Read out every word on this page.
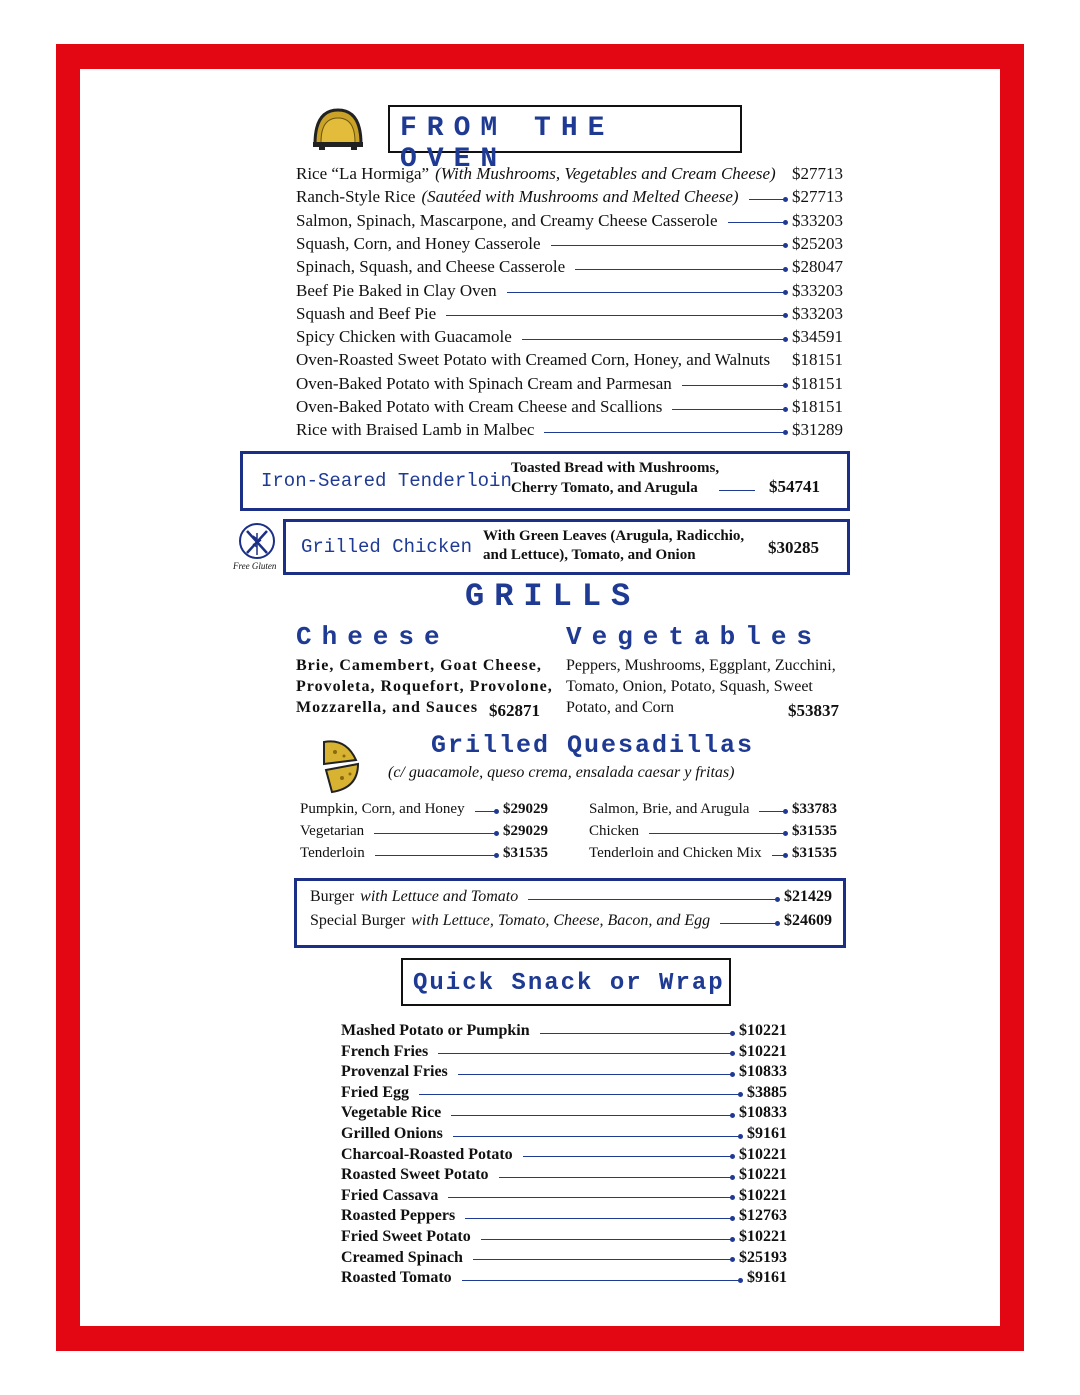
FROM THE OVEN
Rice “La Hormiga” (With Mushrooms, Vegetables and Cream Cheese) $27713
Ranch-Style Rice (Sautéed with Mushrooms and Melted Cheese)	$27713
Salmon, Spinach, Mascarpone, and Creamy Cheese Casserole	$33203
Squash, Corn, and Honey Casserole	$25203
Spinach, Squash, and Cheese Casserole	$28047
Beef Pie Baked in Clay Oven	$33203
Squash and Beef Pie	$33203
Spicy Chicken with Guacamole	$34591
Oven-Roasted Sweet Potato with Creamed Corn, Honey, and Walnuts $18151
Oven-Baked Potato with Spinach Cream and Parmesan	$18151
Oven-Baked Potato with Cream Cheese and Scallions	$18151
Rice with Braised Lamb in Malbec	$31289
Iron-Seared Tenderloin
Toasted Bread with Mushrooms,
Cherry Tomato, and Arugula	$54741
Free Gluten
Grilled Chicken With Green Leaves (Arugula, Radicchio,
and Lettuce), Tomato, and Onion	$30285
GRILLS
Cheese
Brie, Camembert, Goat Cheese,
Provoleta, Roquefort, Provolone,
Mozzarella, and Sauces $62871
Vegetables
Peppers, Mushrooms, Eggplant, Zucchini,
Tomato, Onion, Potato, Squash, Sweet
Potato, and Corn	$53837
Grilled Quesadillas
(c/ guacamole, queso crema, ensalada caesar y fritas)
Pumpkin, Corn, and Honey	$29029
Vegetarian	$29029
Tenderloin	$31535
Salmon, Brie, and Arugula	$33783
Chicken	$31535
Tenderloin and Chicken Mix $31535
Burger with Lettuce and Tomato	$21429
Special Burger with Lettuce, Tomato, Cheese, Bacon, and Egg	$24609
Quick Snack or Wrap
Mashed Potato or Pumpkin	$10221
French Fries	$10221
Provenzal Fries	$10833
Fried Egg	$3885
Vegetable Rice	$10833
Grilled Onions	$9161
Charcoal-Roasted Potato	$10221
Roasted Sweet Potato	$10221
Fried Cassava	$10221
Roasted Peppers	$12763
Fried Sweet Potato	$10221
Creamed Spinach	$25193
Roasted Tomato	$9161
